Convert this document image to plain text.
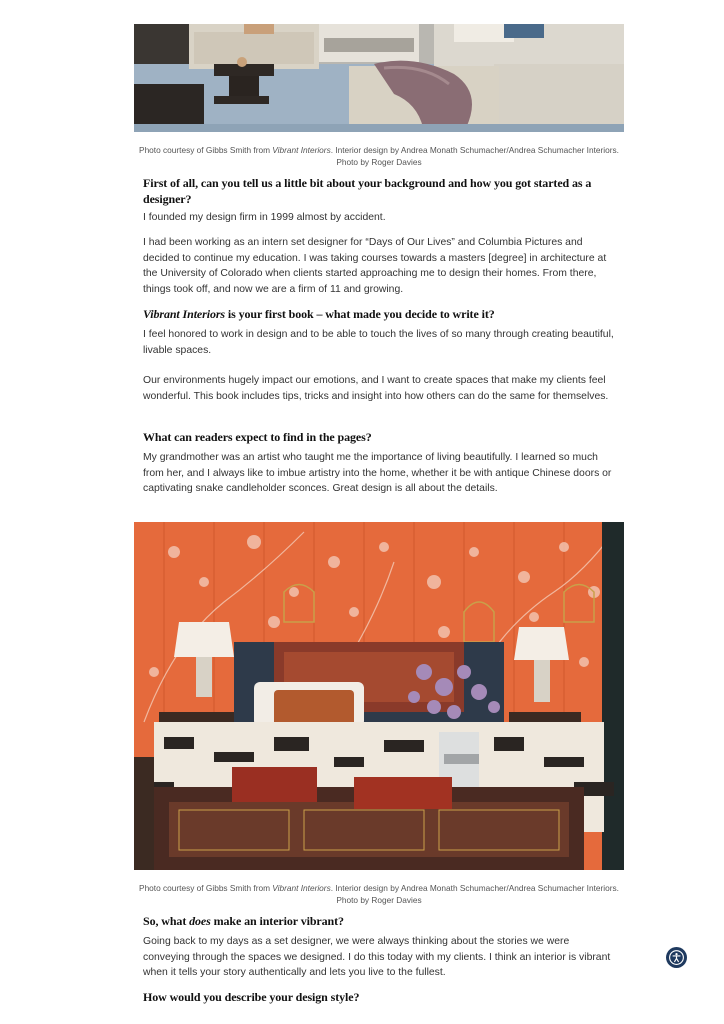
Photo courtesy of Gibbs Smith from Vibrant Interiors. Interior design by Andrea Monath Schumacher/Andrea Schumacher Interiors. Photo by Roger Davies
First of all, can you tell us a little bit about your background and how you got started as a designer?
I founded my design firm in 1999 almost by accident.
I had been working as an intern set designer for “Days of Our Lives” and Columbia Pictures and decided to continue my education. I was taking courses towards a masters [degree] in architecture at the University of Colorado when clients started approaching me to design their homes. From there, things took off, and now we are a firm of 11 and growing.
Vibrant Interiors is your first book – what made you decide to write it?
I feel honored to work in design and to be able to touch the lives of so many through creating beautiful, livable spaces.
Our environments hugely impact our emotions, and I want to create spaces that make my clients feel wonderful. This book includes tips, tricks and insight into how others can do the same for themselves.
What can readers expect to find in the pages?
My grandmother was an artist who taught me the importance of living beautifully. I learned so much from her, and I always like to imbue artistry into the home, whether it be with antique Chinese doors or captivating snake candleholder sconces. Great design is all about the details.
Photo courtesy of Gibbs Smith from Vibrant Interiors. Interior design by Andrea Monath Schumacher/Andrea Schumacher Interiors. Photo by Roger Davies
So, what does make an interior vibrant?
Going back to my days as a set designer, we were always thinking about the stories we were conveying through the spaces we designed. I do this today with my clients. I think an interior is vibrant when it tells your story authentically and lets you live to the fullest.
How would you describe your design style?
